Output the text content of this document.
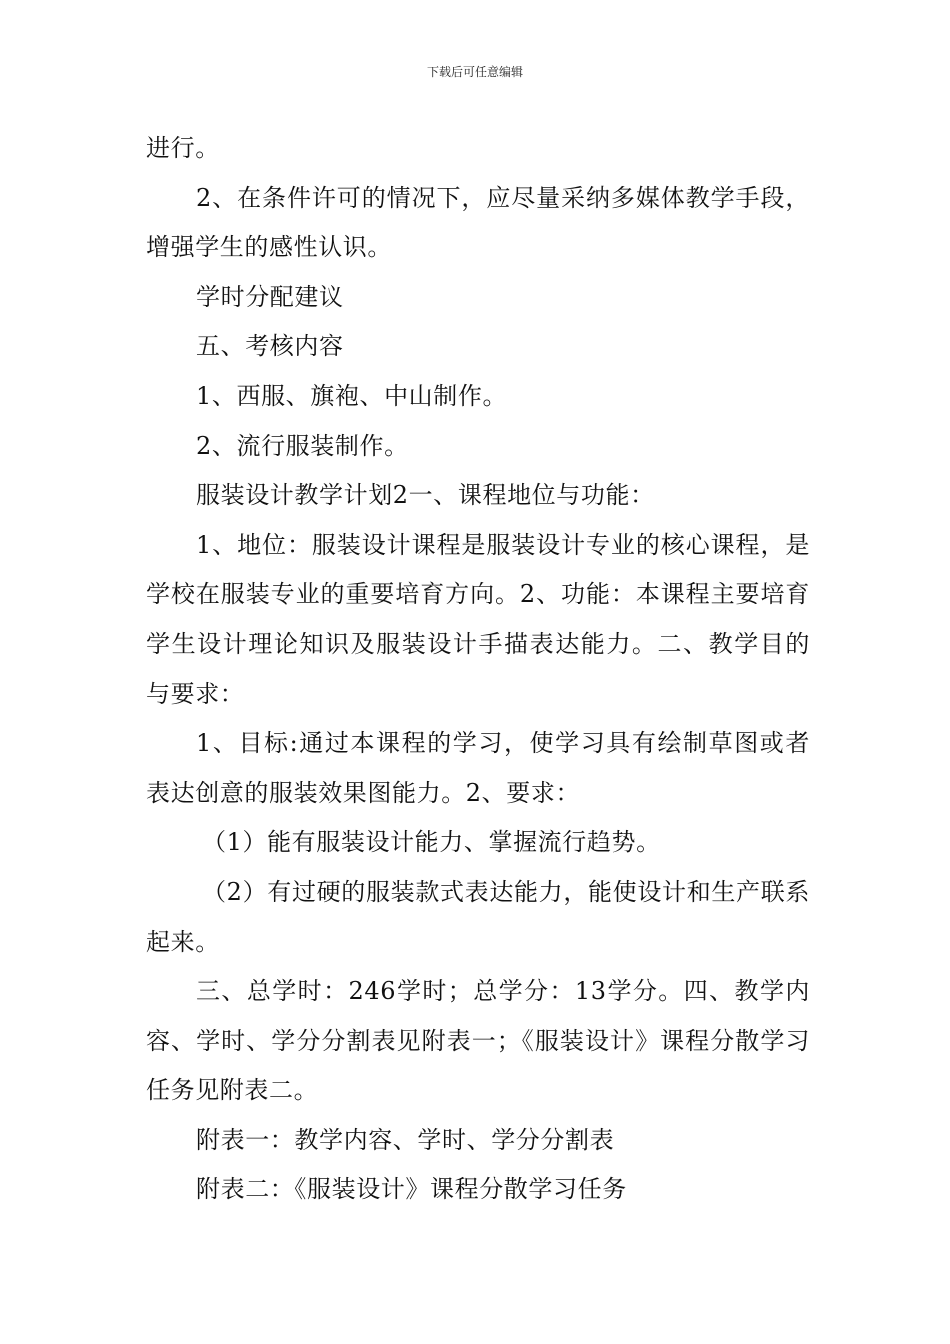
下载后可任意编辑

进行。

2、在条件许可的情况下，应尽量采纳多媒体教学手段，增强学生的感性认识。

学时分配建议

五、考核内容

1、西服、旗袍、中山制作。

2、流行服装制作。

服装设计教学计划2一、课程地位与功能：

1、地位：服装设计课程是服装设计专业的核心课程，是学校在服装专业的重要培育方向。2、功能：本课程主要培育学生设计理论知识及服装设计手描表达能力。二、教学目的与要求：

1、目标:通过本课程的学习，使学习具有绘制草图或者表达创意的服装效果图能力。2、要求：

（1）能有服装设计能力、掌握流行趋势。

（2）有过硬的服装款式表达能力，能使设计和生产联系起来。

三、总学时：246学时；总学分：13学分。四、教学内容、学时、学分分割表见附表一；《服装设计》课程分散学习任务见附表二。

附表一：教学内容、学时、学分分割表

附表二：《服装设计》课程分散学习任务
